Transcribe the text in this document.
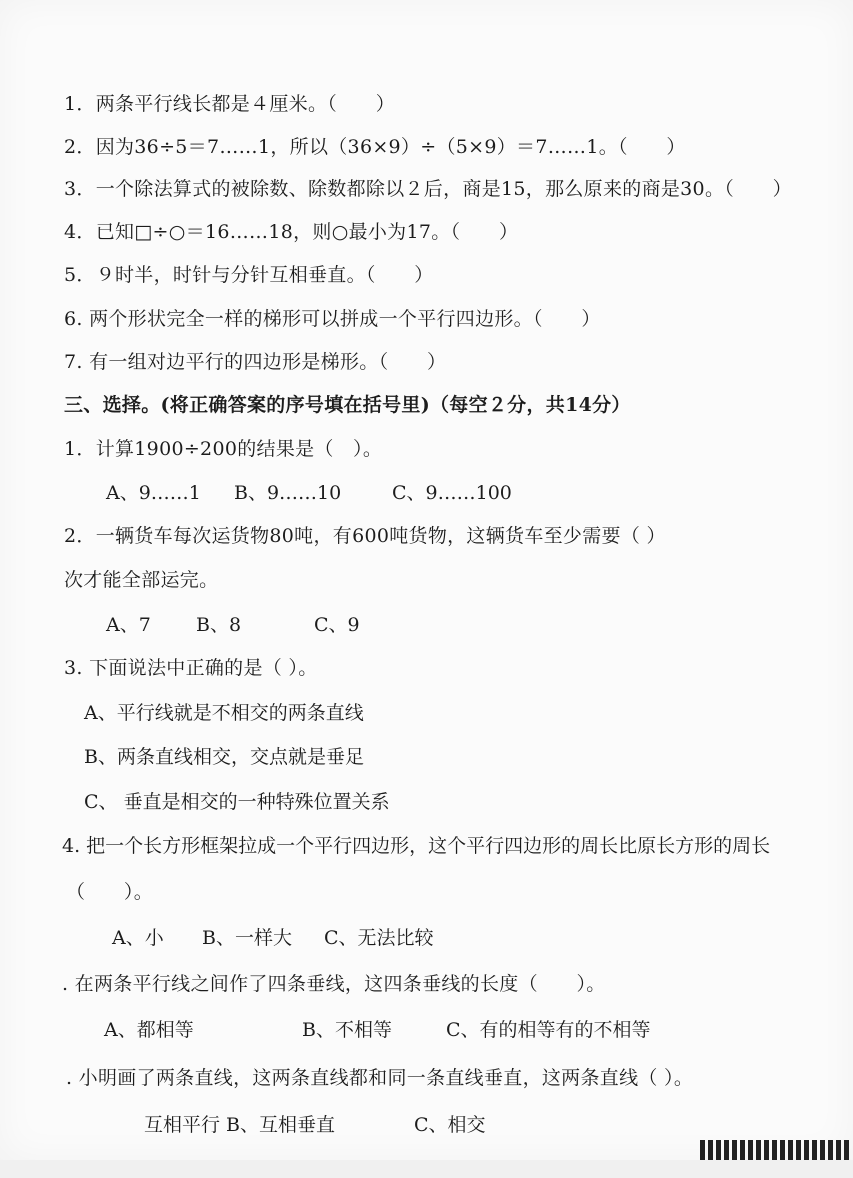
1．两条平行线长都是４厘米。（　　）
2．因为36÷5＝7……1，所以（36×9）÷（5×9）＝7……1。（　　）
3．一个除法算式的被除数、除数都除以２后，商是15，那么原来的商是30。（　　）
4．已知□÷○＝16……18，则○最小为17。（　　）
5．９时半，时针与分针互相垂直。（　　）
6. 两个形状完全一样的梯形可以拼成一个平行四边形。（　　）
7. 有一组对边平行的四边形是梯形。（　　）
三、选择。(将正确答案的序号填在括号里)（每空２分，共14分）
1．计算1900÷200的结果是（　）。
A、9……1 B、9……10	C、9……100
2．一辆货车每次运货物80吨，有600吨货物，这辆货车至少需要（ ）
次才能全部运完。
A、7 B、8	C、9
3. 下面说法中正确的是（ ）。
A、平行线就是不相交的两条直线
B、两条直线相交，交点就是垂足
C、 垂直是相交的一种特殊位置关系
4. 把一个长方形框架拉成一个平行四边形，这个平行四边形的周长比原长方形的周长
（　　）。
A、小 B、一样大 C、无法比较
. 在两条平行线之间作了四条垂线，这四条垂线的长度（　　）。
A、都相等	B、不相等	C、有的相等有的不相等
. 小明画了两条直线，这两条直线都和同一条直线垂直，这两条直线（ ）。
互相平行 B、互相垂直	C、相交
